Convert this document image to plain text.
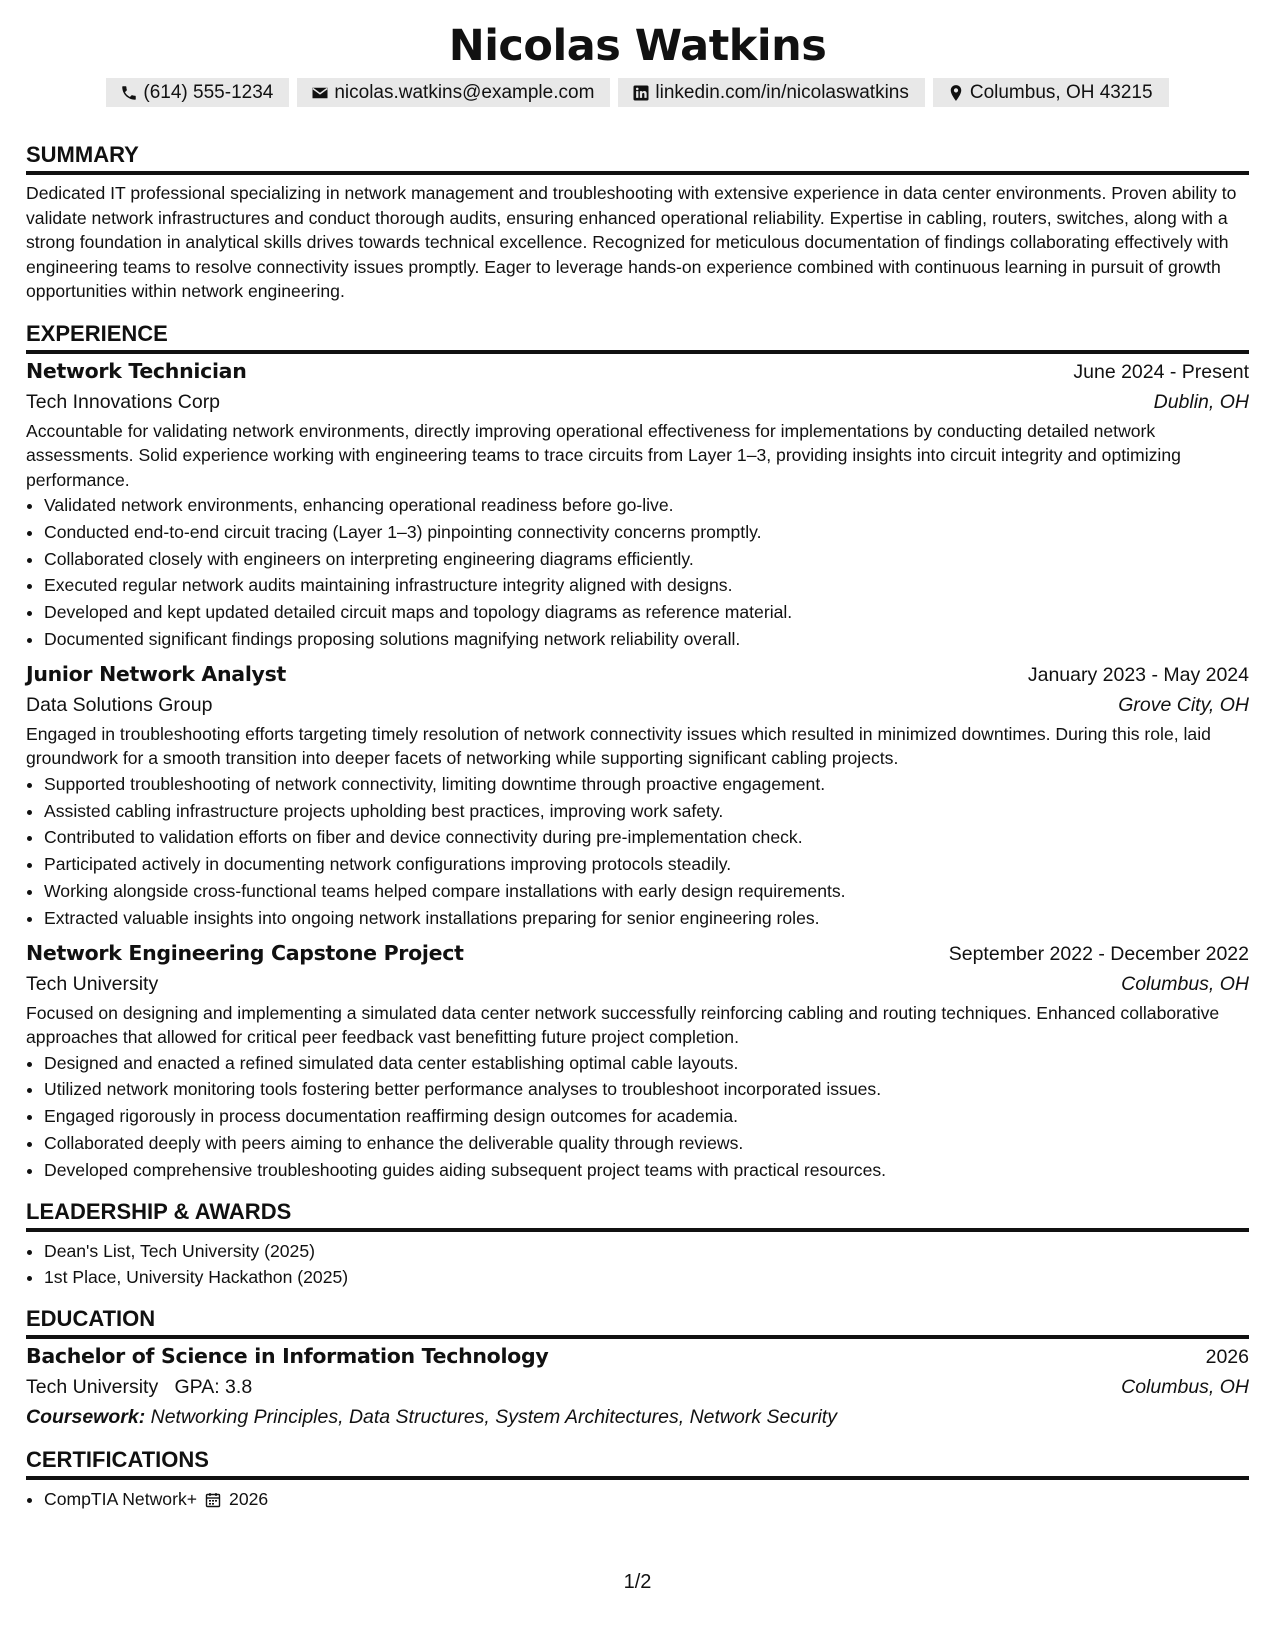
Nicolas Watkins
(614) 555-1234	nicolas.watkins@example.com	linkedin.com/in/nicolaswatkins	Columbus, OH 43215
SUMMARY

Dedicated IT professional specializing in network management and troubleshooting with extensive experience in data center environments. Proven ability to validate network infrastructures and conduct thorough audits, ensuring enhanced operational reliability. Expertise in cabling, routers, switches, along with a strong foundation in analytical skills drives towards technical excellence. Recognized for meticulous documentation of findings collaborating effectively with engineering teams to resolve connectivity issues promptly. Eager to leverage hands-on experience combined with continuous learning in pursuit of growth opportunities within network engineering.

EXPERIENCE
Network Technician	June 2024 - Present
Tech Innovations Corp	Dublin, OH

Accountable for validating network environments, directly improving operational effectiveness for implementations by conducting detailed network assessments. Solid experience working with engineering teams to trace circuits from Layer 1–3, providing insights into circuit integrity and optimizing performance.

• Validated network environments, enhancing operational readiness before go-live.
• Conducted end-to-end circuit tracing (Layer 1–3) pinpointing connectivity concerns promptly.
• Collaborated closely with engineers on interpreting engineering diagrams efficiently.
• Executed regular network audits maintaining infrastructure integrity aligned with designs.
• Developed and kept updated detailed circuit maps and topology diagrams as reference material.
• Documented significant findings proposing solutions magnifying network reliability overall.
Junior Network Analyst	January 2023 - May 2024
Data Solutions Group	Grove City, OH

Engaged in troubleshooting efforts targeting timely resolution of network connectivity issues which resulted in minimized downtimes. During this role, laid groundwork for a smooth transition into deeper facets of networking while supporting significant cabling projects.

• Supported troubleshooting of network connectivity, limiting downtime through proactive engagement.
• Assisted cabling infrastructure projects upholding best practices, improving work safety.
• Contributed to validation efforts on fiber and device connectivity during pre-implementation check.
• Participated actively in documenting network configurations improving protocols steadily.
• Working alongside cross-functional teams helped compare installations with early design requirements.
• Extracted valuable insights into ongoing network installations preparing for senior engineering roles.
Network Engineering Capstone Project	September 2022 - December 2022
Tech University	Columbus, OH

Focused on designing and implementing a simulated data center network successfully reinforcing cabling and routing techniques. Enhanced collaborative approaches that allowed for critical peer feedback vast benefitting future project completion.

• Designed and enacted a refined simulated data center establishing optimal cable layouts.
• Utilized network monitoring tools fostering better performance analyses to troubleshoot incorporated issues.
• Engaged rigorously in process documentation reaffirming design outcomes for academia.
• Collaborated deeply with peers aiming to enhance the deliverable quality through reviews.
• Developed comprehensive troubleshooting guides aiding subsequent project teams with practical resources.
LEADERSHIP & AWARDS
• Dean's List, Tech University (2025)
• 1st Place, University Hackathon (2025)
EDUCATION
Bachelor of Science in Information Technology	2026
Tech University GPA: 3.8	Columbus, OH
Coursework: Networking Principles, Data Structures, System Architectures, Network Security
CERTIFICATIONS
• CompTIA Network+ 2026
1/2
